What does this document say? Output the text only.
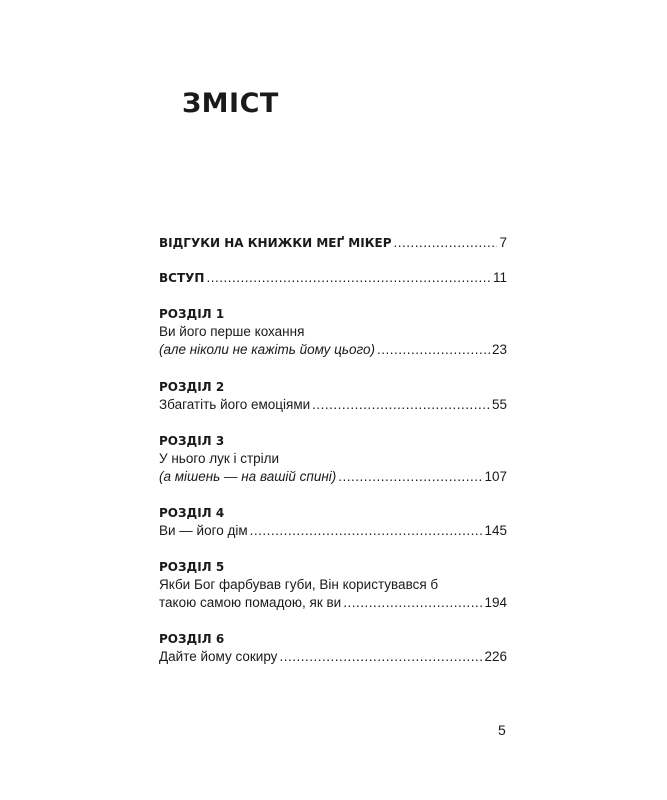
ЗМІСТ
ВІДГУКИ НА КНИЖКИ МЕҐ МІКЕР .....	7
ВСТУП .....	11
РОЗДІЛ 1
Ви його перше кохання
(але ніколи не кажіть йому цього) .....	23
РОЗДІЛ 2
Збагатіть його емоціями .....	55
РОЗДІЛ 3
У нього лук і стріли
(а мішень — на вашій спині) .....	107
РОЗДІЛ 4
Ви — його дім .....	145
РОЗДІЛ 5
Якби Бог фарбував губи, Він користувався б
такою самою помадою, як ви .....	194
РОЗДІЛ 6
Дайте йому сокиру .....	226
5
